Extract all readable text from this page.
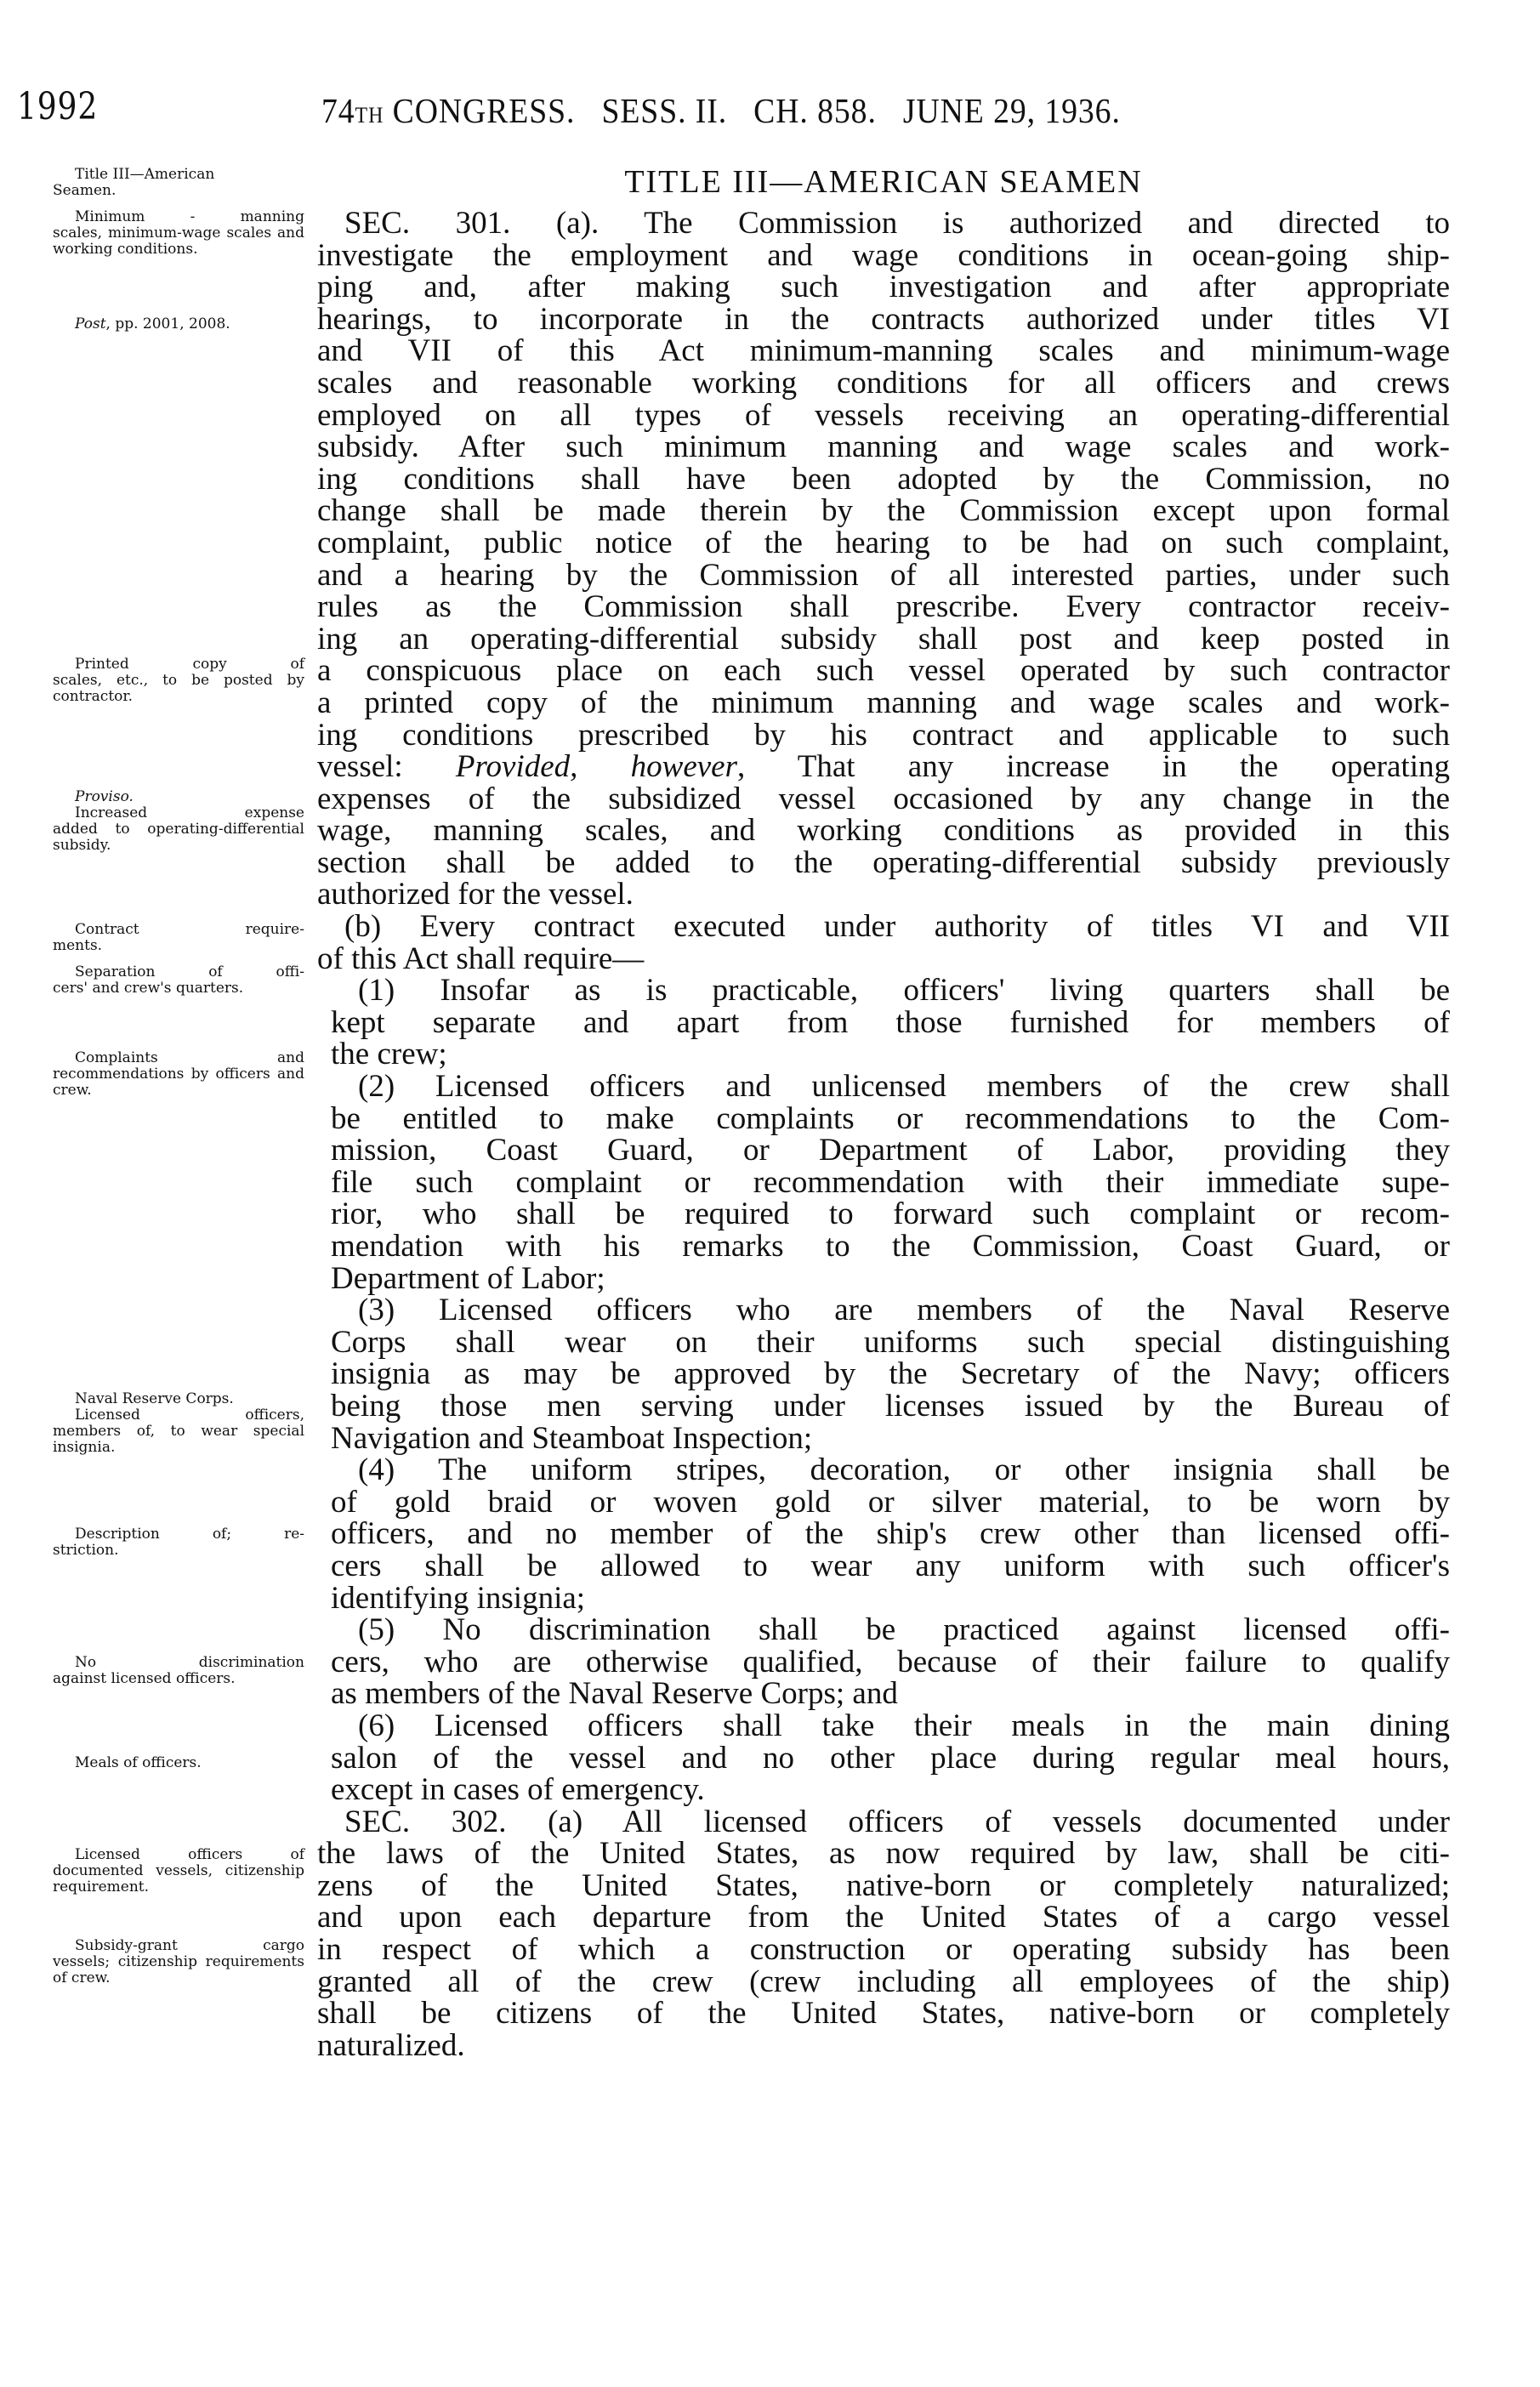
1992	74TH CONGRESS.   SESS. II.   CH. 858.   JUNE 29, 1936.
TITLE III—AMERICAN SEAMEN
Title III—American
Seamen.
Minimum - manning
scales, minimum-wage scales and working conditions.
Post, pp. 2001, 2008.
Printed copy of
scales, etc., to be posted by contractor.
Proviso.
Increased expense
added to operating-differential subsidy.
Contract require-
ments.
Separation of offi-
cers' and crew's quarters.
Complaints and
recommendations by officers and crew.
Naval Reserve Corps.
Licensed officers,
members of, to wear special insignia.
Description of; re-
striction.
No discrimination
against licensed officers.
Meals of officers.
Licensed officers of
documented vessels, citizenship requirement.
Subsidy-grant cargo
vessels; citizenship requirements of crew.
SEC. 301. (a). The Commission is authorized and directed to
investigate the employment and wage conditions in ocean-going ship-
ping and, after making such investigation and after appropriate
hearings, to incorporate in the contracts authorized under titles VI
and VII of this Act minimum-manning scales and minimum-wage
scales and reasonable working conditions for all officers and crews
employed on all types of vessels receiving an operating-differential
subsidy. After such minimum manning and wage scales and work-
ing conditions shall have been adopted by the Commission, no
change shall be made therein by the Commission except upon formal
complaint, public notice of the hearing to be had on such complaint,
and a hearing by the Commission of all interested parties, under such
rules as the Commission shall prescribe. Every contractor receiv-
ing an operating-differential subsidy shall post and keep posted in
a conspicuous place on each such vessel operated by such contractor
a printed copy of the minimum manning and wage scales and work-
ing conditions prescribed by his contract and applicable to such
vessel: Provided, however, That any increase in the operating
expenses of the subsidized vessel occasioned by any change in the
wage, manning scales, and working conditions as provided in this
section shall be added to the operating-differential subsidy previously
authorized for the vessel.
(b) Every contract executed under authority of titles VI and VII
of this Act shall require—
(1) Insofar as is practicable, officers' living quarters shall be
kept separate and apart from those furnished for members of
the crew;
(2) Licensed officers and unlicensed members of the crew shall
be entitled to make complaints or recommendations to the Com-
mission, Coast Guard, or Department of Labor, providing they
file such complaint or recommendation with their immediate supe-
rior, who shall be required to forward such complaint or recom-
mendation with his remarks to the Commission, Coast Guard, or
Department of Labor;
(3) Licensed officers who are members of the Naval Reserve
Corps shall wear on their uniforms such special distinguishing
insignia as may be approved by the Secretary of the Navy; officers
being those men serving under licenses issued by the Bureau of
Navigation and Steamboat Inspection;
(4) The uniform stripes, decoration, or other insignia shall be
of gold braid or woven gold or silver material, to be worn by
officers, and no member of the ship's crew other than licensed offi-
cers shall be allowed to wear any uniform with such officer's
identifying insignia;
(5) No discrimination shall be practiced against licensed offi-
cers, who are otherwise qualified, because of their failure to qualify
as members of the Naval Reserve Corps; and
(6) Licensed officers shall take their meals in the main dining
salon of the vessel and no other place during regular meal hours,
except in cases of emergency.
SEC. 302. (a) All licensed officers of vessels documented under
the laws of the United States, as now required by law, shall be citi-
zens of the United States, native-born or completely naturalized;
and upon each departure from the United States of a cargo vessel
in respect of which a construction or operating subsidy has been
granted all of the crew (crew including all employees of the ship)
shall be citizens of the United States, native-born or completely
naturalized.
